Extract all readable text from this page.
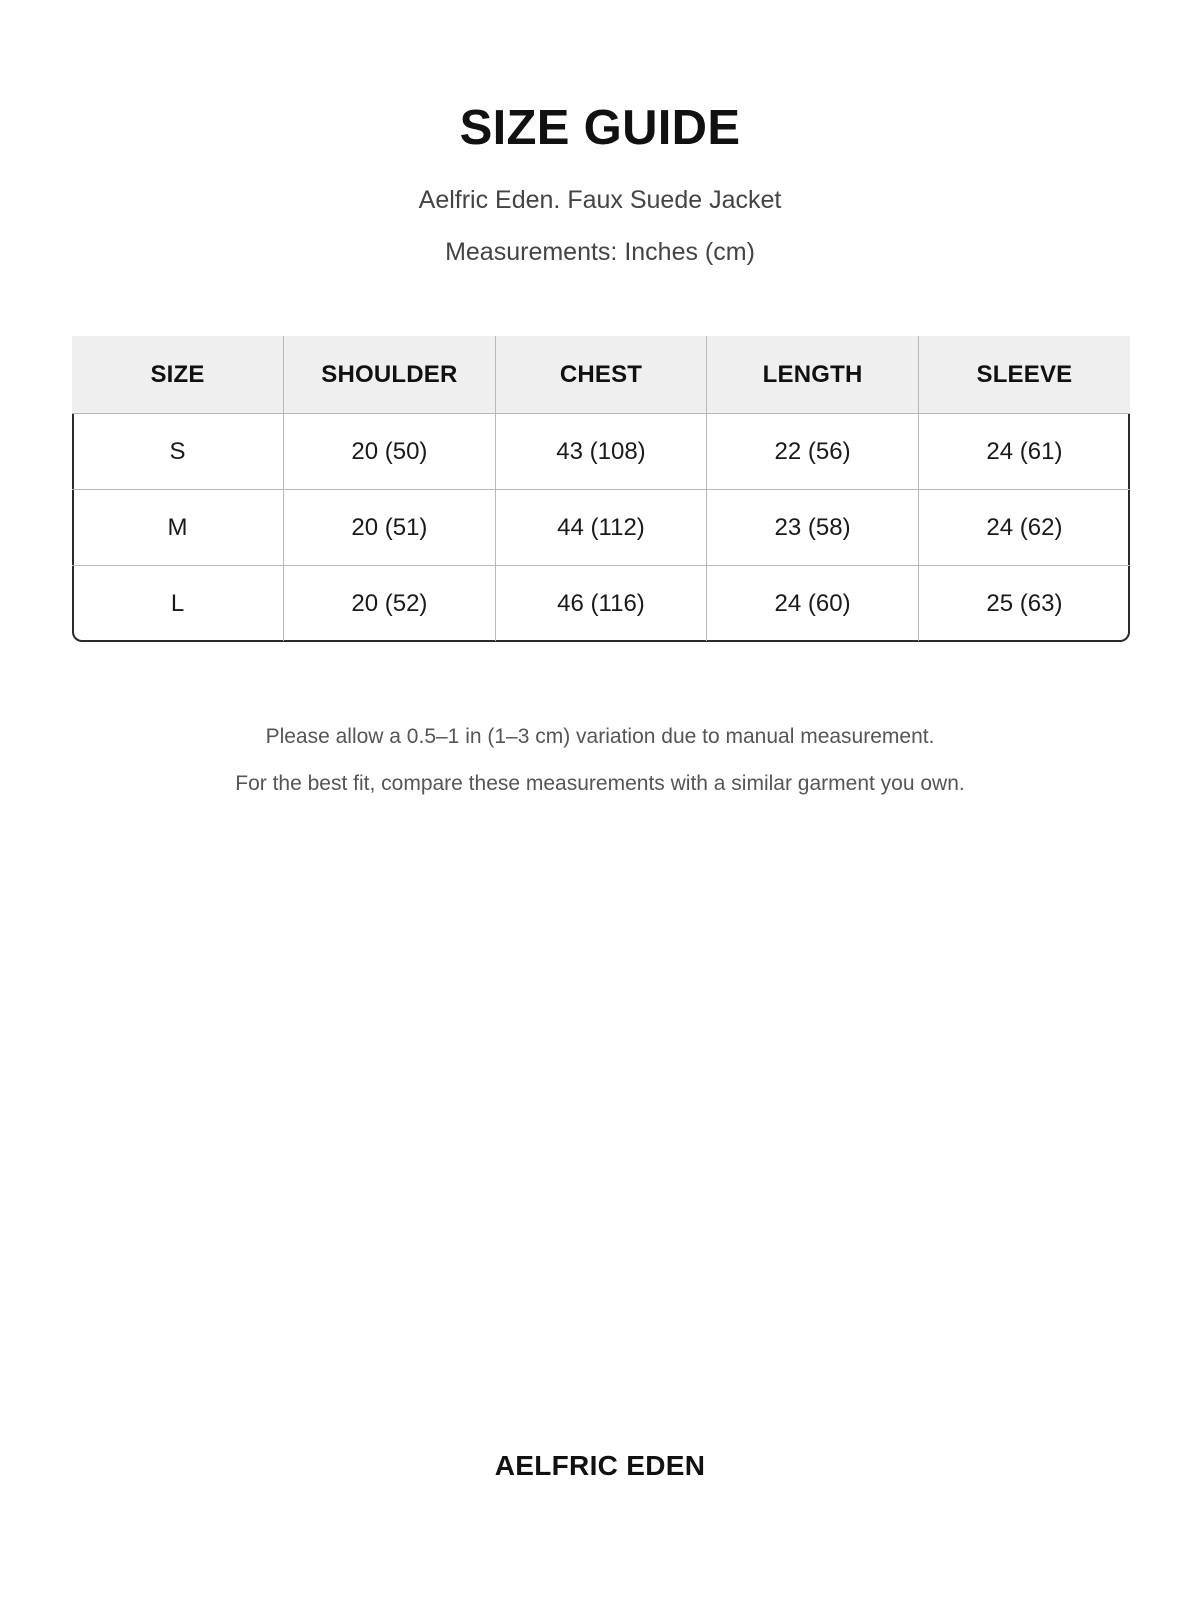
SIZE GUIDE
Aelfric Eden. Faux Suede Jacket
Measurements: Inches (cm)
SIZE	SHOULDER	CHEST	LENGTH	SLEEVE
S	20 (50)	43 (108)	22 (56)	24 (61)
M	20 (51)	44 (112)	23 (58)	24 (62)
L	20 (52)	46 (116)	24 (60)	25 (63)
Please allow a 0.5–1 in (1–3 cm) variation due to manual measurement.
For the best fit, compare these measurements with a similar garment you own.
AELFRIC EDEN
